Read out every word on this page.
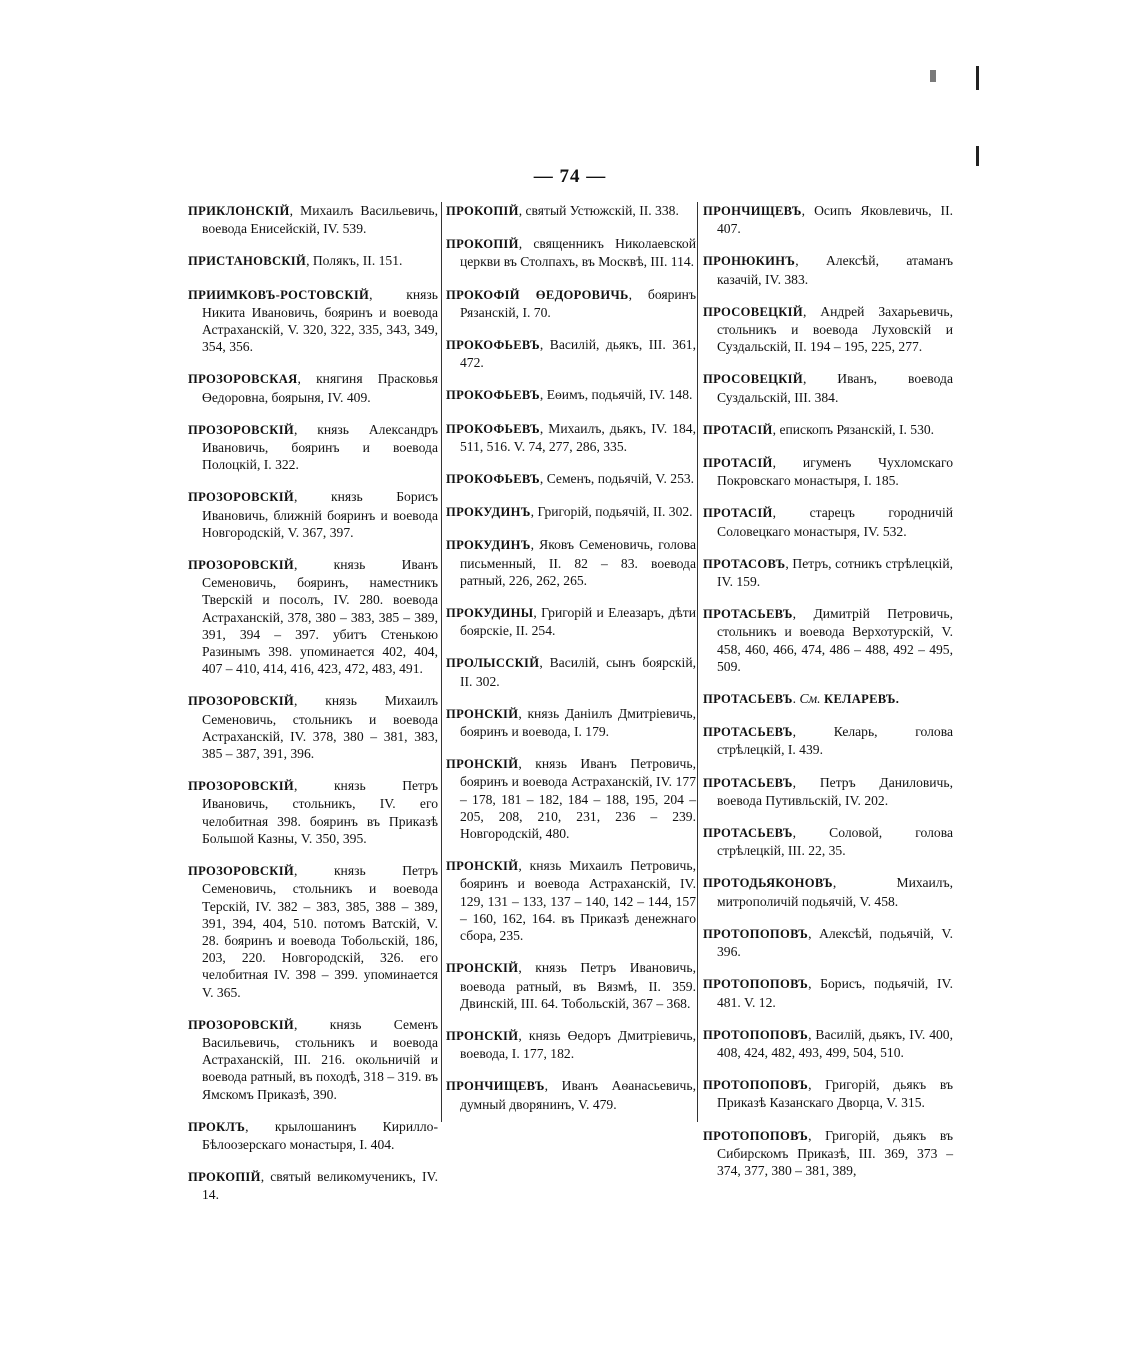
— 74 —

ПРИКЛОНСКІЙ, Михаилъ Васильевичь, воевода Енисейскій, IV. 539.

ПРИСТАНОВСКІЙ, Полякъ, II. 151.

ПРИИМКОВЪ-РОСТОВСКІЙ, князь Никита Ивановичь, бояринъ и воевода Астраханскій, V. 320, 322, 335, 343, 349, 354, 356.

ПРОЗОРОВСКАЯ, княгиня Прасковья Өедоровна, боярыня, IV. 409.

ПРОЗОРОВСКІЙ, князь Александръ Ивановичь, бояринъ и воевода Полоцкій, I. 322.

ПРОЗОРОВСКІЙ, князь Борисъ Ивановичь, ближній бояринъ и воевода Новгородскій, V. 367, 397.

ПРОЗОРОВСКІЙ, князь Иванъ Семеновичь, бояринъ, наместникъ Тверскій и посолъ, IV. 280. воевода Астраханскій, 378, 380 – 383, 385 – 389, 391, 394 – 397. убитъ Стенькою Разинымъ 398. упоминается 402, 404, 407 – 410, 414, 416, 423, 472, 483, 491.

ПРОЗОРОВСКІЙ, князь Михаилъ Семеновичь, стольникъ и воевода Астраханскій, IV. 378, 380 – 381, 383, 385 – 387, 391, 396.

ПРОЗОРОВСКІЙ, князь Петръ Ивановичь, стольникъ, IV. его челобитная 398. бояринъ въ Приказѣ Большой Казны, V. 350, 395.

ПРОЗОРОВСКІЙ, князь Петръ Семеновичь, стольникъ и воевода Терскій, IV. 382 – 383, 385, 388 – 389, 391, 394, 404, 510. потомъ Ватскій, V. 28. бояринъ и воевода Тобольскій, 186, 203, 220. Новгородскій, 326. его челобитная IV. 398 – 399. упоминается V. 365.

ПРОЗОРОВСКІЙ, князь Семенъ Васильевичь, стольникъ и воевода Астраханскій, III. 216. окольничій и воевода ратный, въ походѣ, 318 – 319. въ Ямскомъ Приказѣ, 390.

ПРОКЛЪ, крылошанинъ Кирилло-Бѣлоозерскаго монастыря, I. 404.

ПРОКОПІЙ, святый великомученикъ, IV. 14.

ПРОКОПІЙ, святый Устюжскій, II. 338.

ПРОКОПІЙ, священникъ Николаевской церкви въ Столпахъ, въ Москвѣ, III. 114.

ПРОКОФІЙ ӨЕДОРОВИЧЬ, бояринъ Рязанскій, I. 70.

ПРОКОФЬЕВЪ, Василій, дьякъ, III. 361, 472.

ПРОКОФЬЕВЪ, Еѳимъ, подьячій, IV. 148.

ПРОКОФЬЕВЪ, Михаилъ, дьякъ, IV. 184, 511, 516. V. 74, 277, 286, 335.

ПРОКОФЬЕВЪ, Семенъ, подьячій, V. 253.

ПРОКУДИНЪ, Григорій, подьячій, II. 302.

ПРОКУДИНЪ, Яковъ Семеновичь, голова письменный, II. 82 – 83. воевода ратный, 226, 262, 265.

ПРОКУДИНЫ, Григорій и Елеазаръ, дѣти боярскіе, II. 254.

ПРОЛЫССКІЙ, Василій, сынъ боярскій, II. 302.

ПРОНСКІЙ, князь Даніилъ Дмитріевичь, бояринъ и воевода, I. 179.

ПРОНСКІЙ, князь Иванъ Петровичь, бояринъ и воевода Астраханскій, IV. 177 – 178, 181 – 182, 184 – 188, 195, 204 – 205, 208, 210, 231, 236 – 239. Новгородскій, 480.

ПРОНСКІЙ, князь Михаилъ Петровичь, бояринъ и воевода Астраханскій, IV. 129, 131 – 133, 137 – 140, 142 – 144, 157 – 160, 162, 164. въ Приказѣ денежнаго сбора, 235.

ПРОНСКІЙ, князь Петръ Ивановичь, воевода ратный, въ Вязмѣ, II. 359. Двинскій, III. 64. Тобольскій, 367 – 368.

ПРОНСКІЙ, князь Өедоръ Дмитріевичь, воевода, I. 177, 182.

ПРОНЧИЩЕВЪ, Иванъ Аѳанасьевичь, думный дворянинъ, V. 479.

ПРОНЧИЩЕВЪ, Осипъ Яковлевичь, II. 407.

ПРОНЮКИНЪ, Алексѣй, атаманъ казачій, IV. 383.

ПРОСОВЕЦКІЙ, Андрей Захарьевичь, стольникъ и воевода Луховскій и Суздальскій, II. 194 – 195, 225, 277.

ПРОСОВЕЦКІЙ, Иванъ, воевода Суздальскій, III. 384.

ПРОТАСІЙ, епископъ Рязанскій, I. 530.

ПРОТАСІЙ, игуменъ Чухломскаго Покровскаго монастыря, I. 185.

ПРОТАСІЙ, старецъ городничій Соловецкаго монастыря, IV. 532.

ПРОТАСОВЪ, Петръ, сотникъ стрѣлецкій, IV. 159.

ПРОТАСЬЕВЪ, Димитрій Петровичь, стольникъ и воевода Верхотурскій, V. 458, 460, 466, 474, 486 – 488, 492 – 495, 509.

ПРОТАСЬЕВЪ. См. КЕЛАРЕВЪ.

ПРОТАСЬЕВЪ, Келарь, голова стрѣлецкій, I. 439.

ПРОТАСЬЕВЪ, Петръ Даниловичь, воевода Путивльскій, IV. 202.

ПРОТАСЬЕВЪ, Соловой, голова стрѣлецкій, III. 22, 35.

ПРОТОДЬЯКОНОВЪ, Михаилъ, митрополичій подьячій, V. 458.

ПРОТОПОПОВЪ, Алексѣй, подьячій, V. 396.

ПРОТОПОПОВЪ, Борисъ, подьячій, IV. 481. V. 12.

ПРОТОПОПОВЪ, Василій, дьякъ, IV. 400, 408, 424, 482, 493, 499, 504, 510.

ПРОТОПОПОВЪ, Григорій, дьякъ въ Приказѣ Казанскаго Дворца, V. 315.

ПРОТОПОПОВЪ, Григорій, дьякъ въ Сибирскомъ Приказѣ, III. 369, 373 – 374, 377, 380 – 381, 389,
